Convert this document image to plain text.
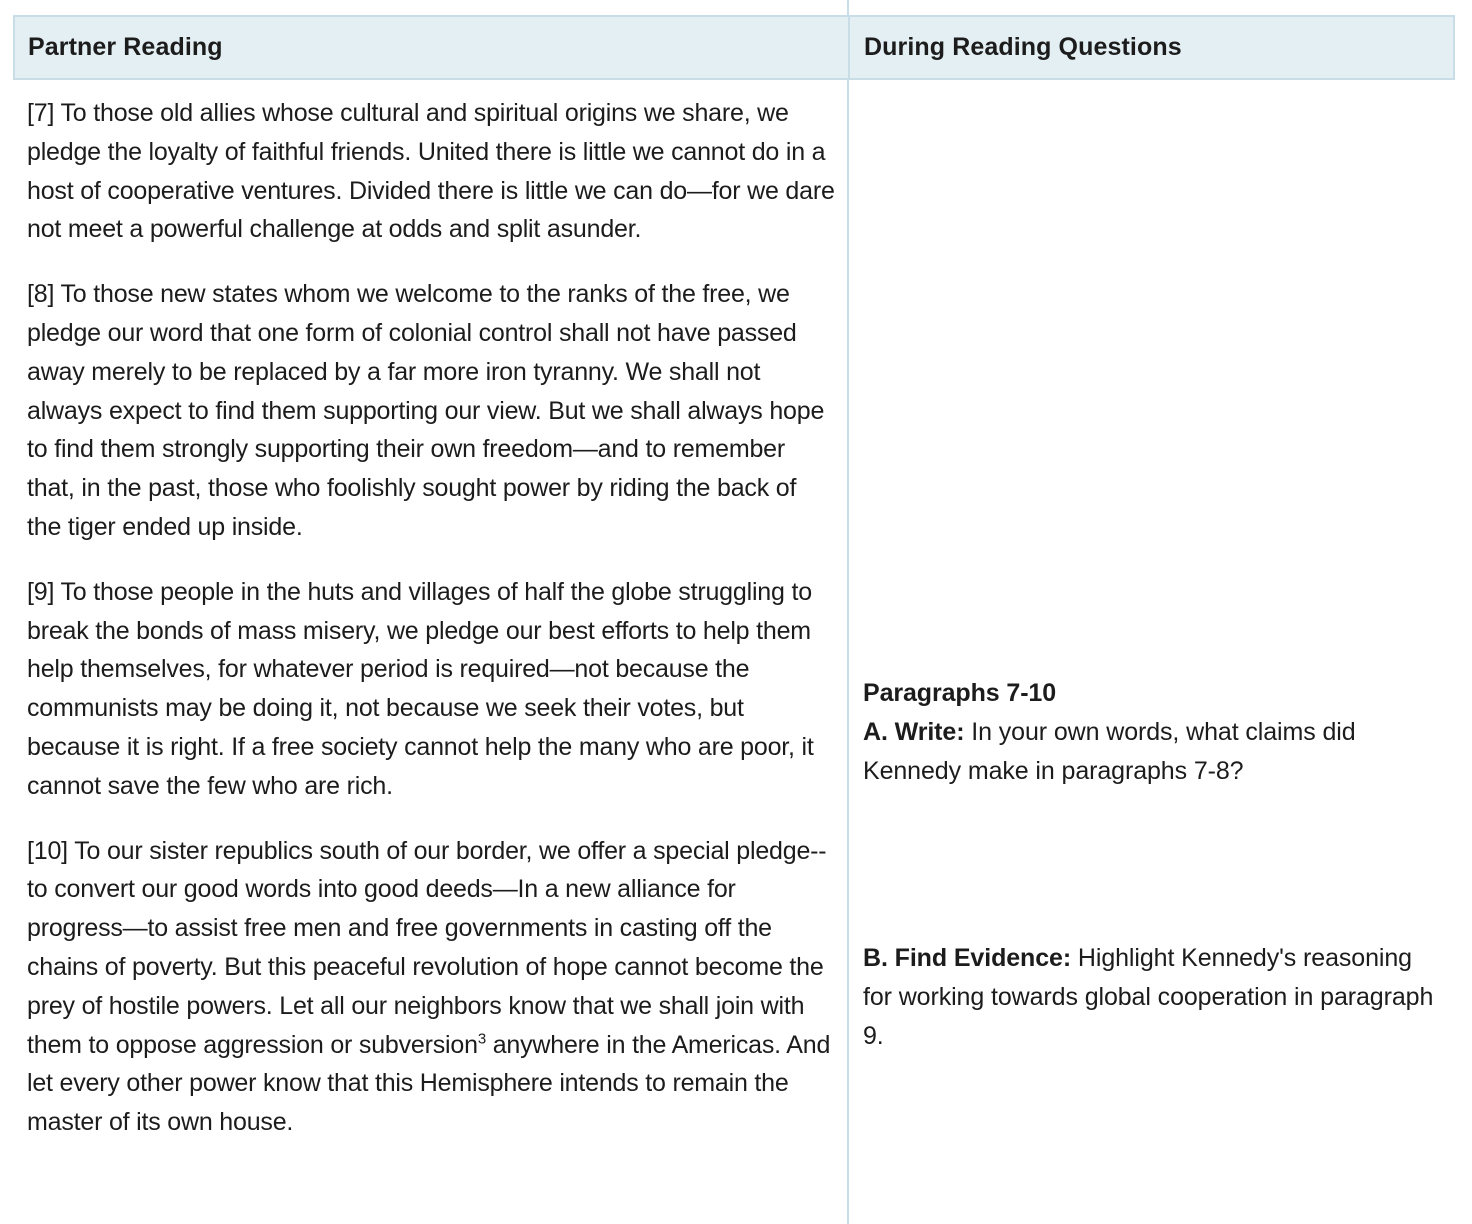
Partner Reading	During Reading Questions

[7] To those old allies whose cultural and spiritual origins we share, we pledge the loyalty of faithful friends. United there is little we cannot do in a host of cooperative ventures. Divided there is little we can do—for we dare not meet a powerful challenge at odds and split asunder.

[8] To those new states whom we welcome to the ranks of the free, we pledge our word that one form of colonial control shall not have passed away merely to be replaced by a far more iron tyranny. We shall not always expect to find them supporting our view. But we shall always hope to find them strongly supporting their own freedom—and to remember that, in the past, those who foolishly sought power by riding the back of the tiger ended up inside.

[9] To those people in the huts and villages of half the globe struggling to break the bonds of mass misery, we pledge our best efforts to help them help themselves, for whatever period is required—not because the communists may be doing it, not because we seek their votes, but because it is right. If a free society cannot help the many who are poor, it cannot save the few who are rich.

[10] To our sister republics south of our border, we offer a special pledge--to convert our good words into good deeds—In a new alliance for progress—to assist free men and free governments in casting off the chains of poverty. But this peaceful revolution of hope cannot become the prey of hostile powers. Let all our neighbors know that we shall join with them to oppose aggression or subversion$^3$ anywhere in the Americas. And let every other power know that this Hemisphere intends to remain the master of its own house.

Paragraphs 7-10
A. Write: In your own words, what claims did Kennedy make in paragraphs 7-8?
B. Find Evidence: Highlight Kennedy's reasoning for working towards global cooperation in paragraph 9.
